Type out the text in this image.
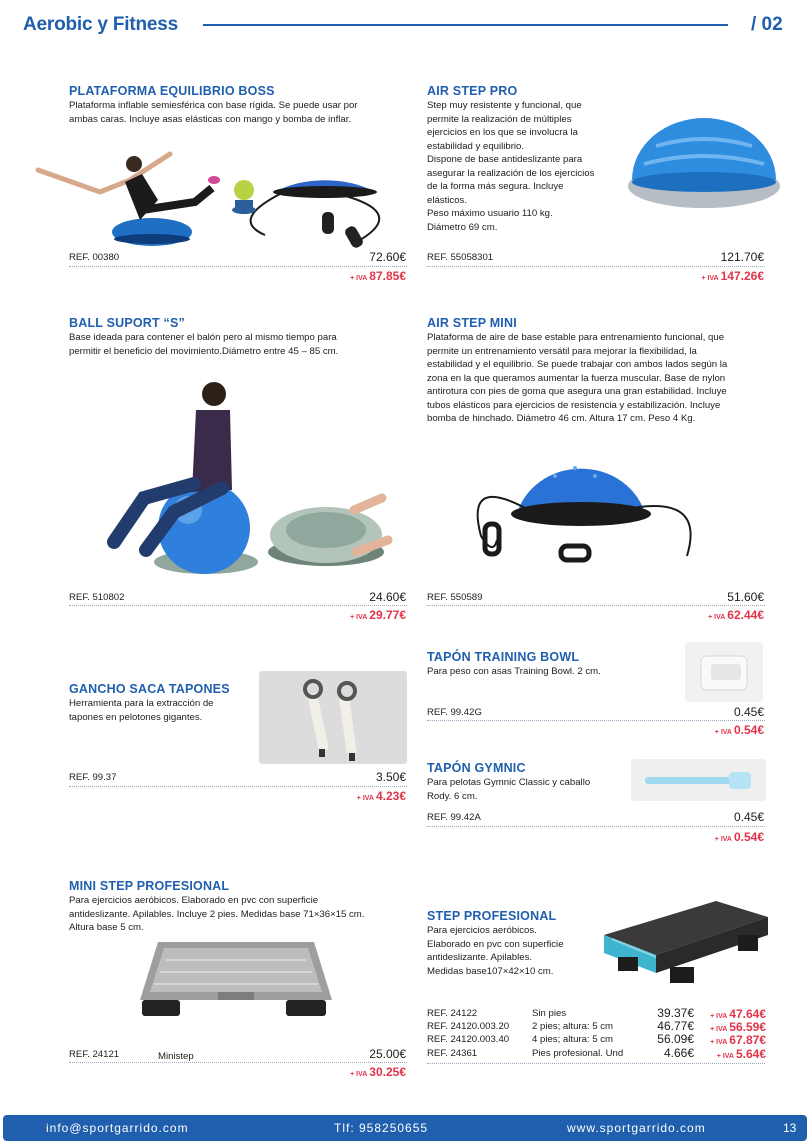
Aerobic y Fitness	/ 02
PLATAFORMA EQUILIBRIO BOSS
Plataforma inflable semiesférica con base rígida. Se puede usar por
ambas caras. Incluye asas elásticas con mango y bomba de inflar.
REF. 00380	72.60€
+ IVA 87.85€
AIR STEP PRO
Step muy resistente y funcional, que
permite la realización de múltiples
ejercicios en los que se involucra la
estabilidad y equilibrio.
Dispone de base antideslizante para
asegurar la realización de los ejercicios
de la forma más segura. Incluye
elásticos.
Peso máximo usuario 110 kg.
Diámetro 69 cm.
REF. 55058301	121.70€
+ IVA 147.26€
BALL SUPORT “S”
Base ideada para contener el balón pero al mismo tiempo para
permitir el beneficio del movimiento.Diámetro entre 45 – 85 cm.
REF. 510802	24.60€
+ IVA 29.77€
AIR STEP MINI
Plataforma de aire de base estable para entrenamiento funcional, que
permite un entrenamiento versátil para mejorar la flexibilidad, la
estabilidad y el equilibrio. Se puede trabajar con ambos lados según la
zona en la que queramos aumentar la fuerza muscular. Base de nylon
antirotura con pies de goma que asegura una gran estabilidad. Incluye
tubos elásticos para ejercicios de resistencia y estabilización. Incluye
bomba de hinchado. Diámetro 46 cm. Altura 17 cm. Peso 4 Kg.
REF. 550589	51.60€
+ IVA 62.44€
TAPÓN TRAINING BOWL
Para peso con asas Training Bowl. 2 cm.
REF. 99.42G	0.45€
+ IVA 0.54€
GANCHO SACA TAPONES
Herramienta para la extracción de
tapones en pelotones gigantes.
REF. 99.37	3.50€
+ IVA 4.23€
TAPÓN GYMNIC
Para pelotas Gymnic Classic y caballo
Rody. 6 cm.
REF. 99.42A	0.45€
+ IVA 0.54€
MINI STEP PROFESIONAL
Para ejercicios aeróbicos. Elaborado en pvc con superficie
antideslizante. Apilables. Incluye 2 pies. Medidas base 71×36×15 cm.
Altura base 5 cm.
REF. 24121	Ministep	25.00€
+ IVA 30.25€
STEP PROFESIONAL
Para ejercicios aeróbicos.
Elaborado en pvc con superficie
antideslizante. Apilables.
Medidas base107×42×10 cm.
REF. 24122	Sin pies	39.37€	+ IVA 47.64€
REF. 24120.003.20 2 pies; altura: 5 cm	46.77€	+ IVA 56.59€
REF. 24120.003.40 4 pies; altura: 5 cm	56.09€	+ IVA 67.87€
REF. 24361	Pies profesional. Und	4.66€	+ IVA 5.64€
info@sportgarrido.com	Tlf: 958250655	www.sportgarrido.com	13
